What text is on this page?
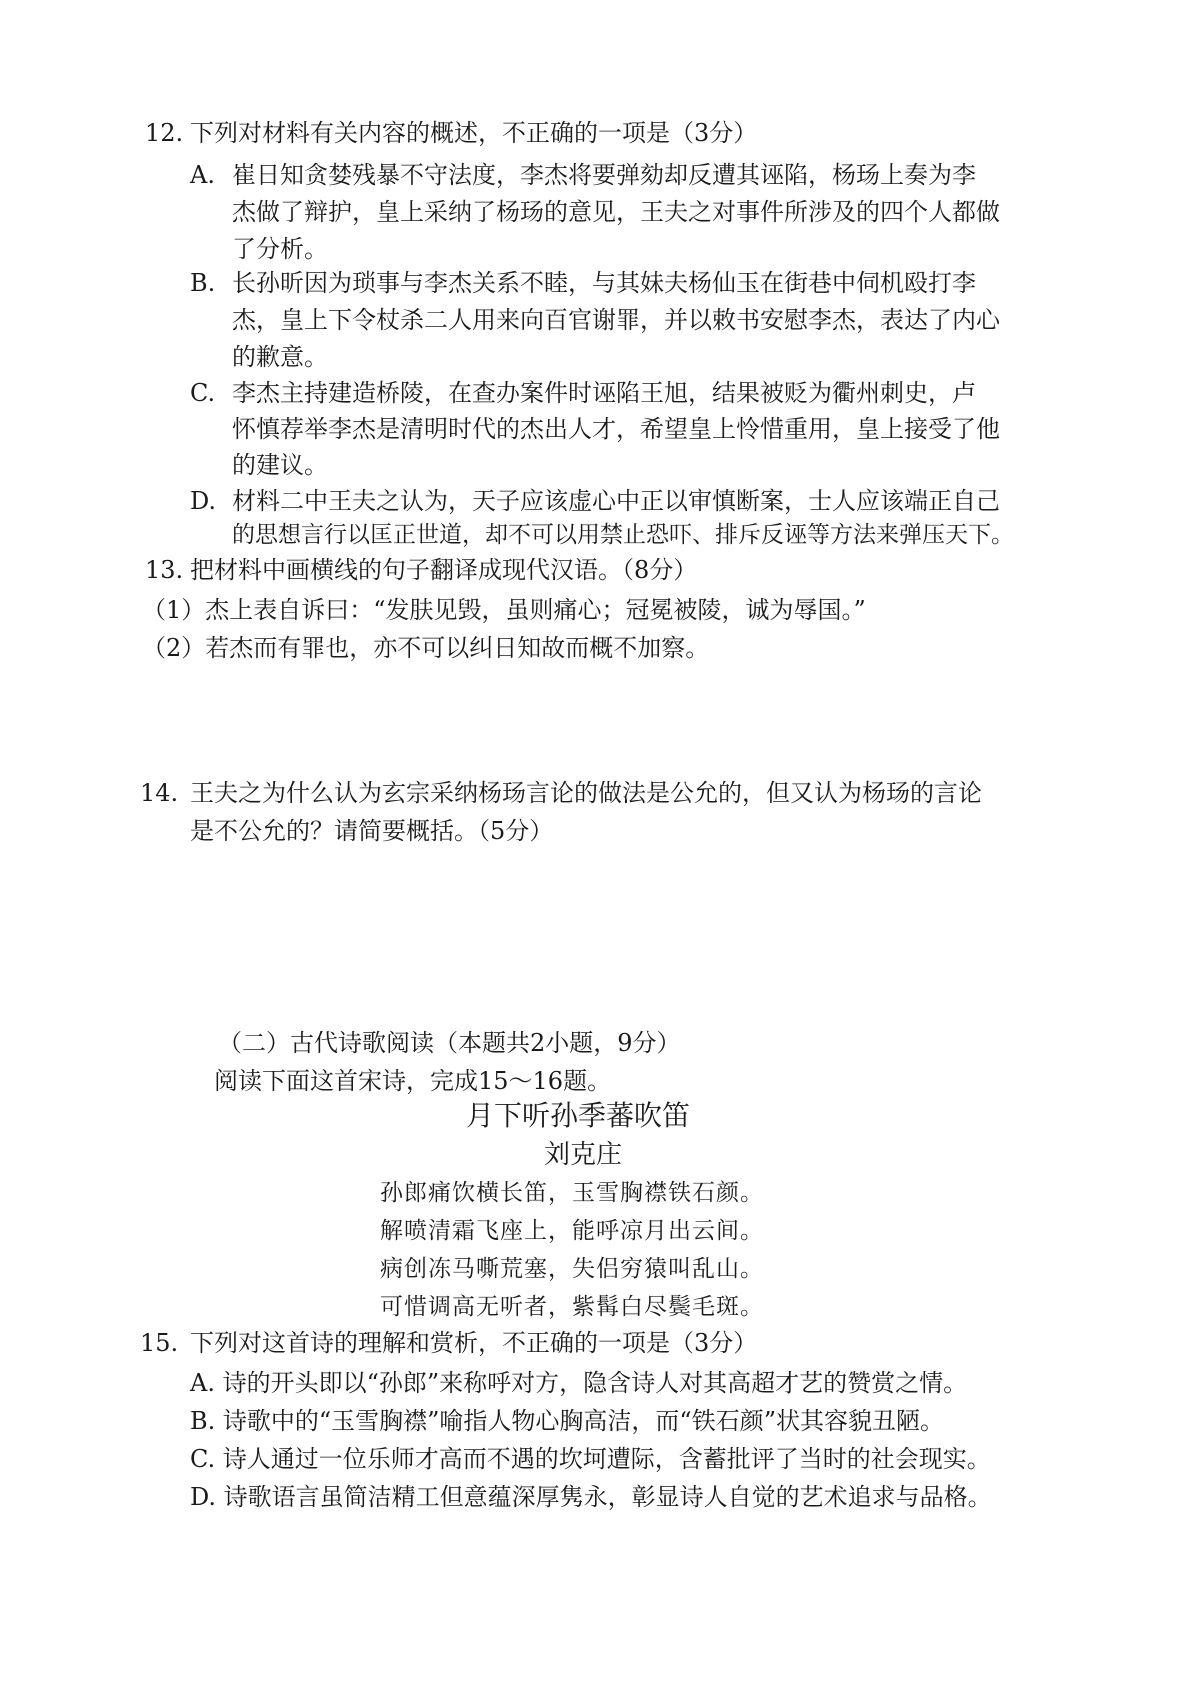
12. 下列对材料有关内容的概述，不正确的一项是（3分）
A. 崔日知贪婪残暴不守法度，李杰将要弹劾却反遭其诬陷，杨玚上奏为李
杰做了辩护，皇上采纳了杨玚的意见，王夫之对事件所涉及的四个人都做
了分析。
B. 长孙昕因为琐事与李杰关系不睦，与其妹夫杨仙玉在街巷中伺机殴打李
杰，皇上下令杖杀二人用来向百官谢罪，并以敕书安慰李杰，表达了内心
的歉意。
C. 李杰主持建造桥陵，在查办案件时诬陷王旭，结果被贬为衢州刺史，卢
怀慎荐举李杰是清明时代的杰出人才，希望皇上怜惜重用，皇上接受了他
的建议。
D. 材料二中王夫之认为，天子应该虚心中正以审慎断案，士人应该端正自己
的思想言行以匡正世道，却不可以用禁止恐吓、排斥反诬等方法来弹压天下。
13. 把材料中画横线的句子翻译成现代汉语。（8分）
（1）杰上表自诉曰：“发肤见毁，虽则痛心；冠冕被陵，诚为辱国。”
（2）若杰而有罪也，亦不可以纠日知故而概不加察。
14. 王夫之为什么认为玄宗采纳杨玚言论的做法是公允的，但又认为杨玚的言论
是不公允的？请简要概括。（5分）
（二）古代诗歌阅读（本题共2小题，9分）
阅读下面这首宋诗，完成15～16题。
月下听孙季蕃吹笛
刘克庄
孙郎痛饮横长笛，玉雪胸襟铁石颜。
解喷清霜飞座上，能呼凉月出云间。
病创冻马嘶荒塞，失侣穷猿叫乱山。
可惜调高无听者，紫髯白尽鬓毛斑。
15. 下列对这首诗的理解和赏析，不正确的一项是（3分）
A. 诗的开头即以“孙郎”来称呼对方，隐含诗人对其高超才艺的赞赏之情。
B. 诗歌中的“玉雪胸襟”喻指人物心胸高洁，而“铁石颜”状其容貌丑陋。
C. 诗人通过一位乐师才高而不遇的坎坷遭际，含蓄批评了当时的社会现实。
D. 诗歌语言虽简洁精工但意蕴深厚隽永，彰显诗人自觉的艺术追求与品格。
